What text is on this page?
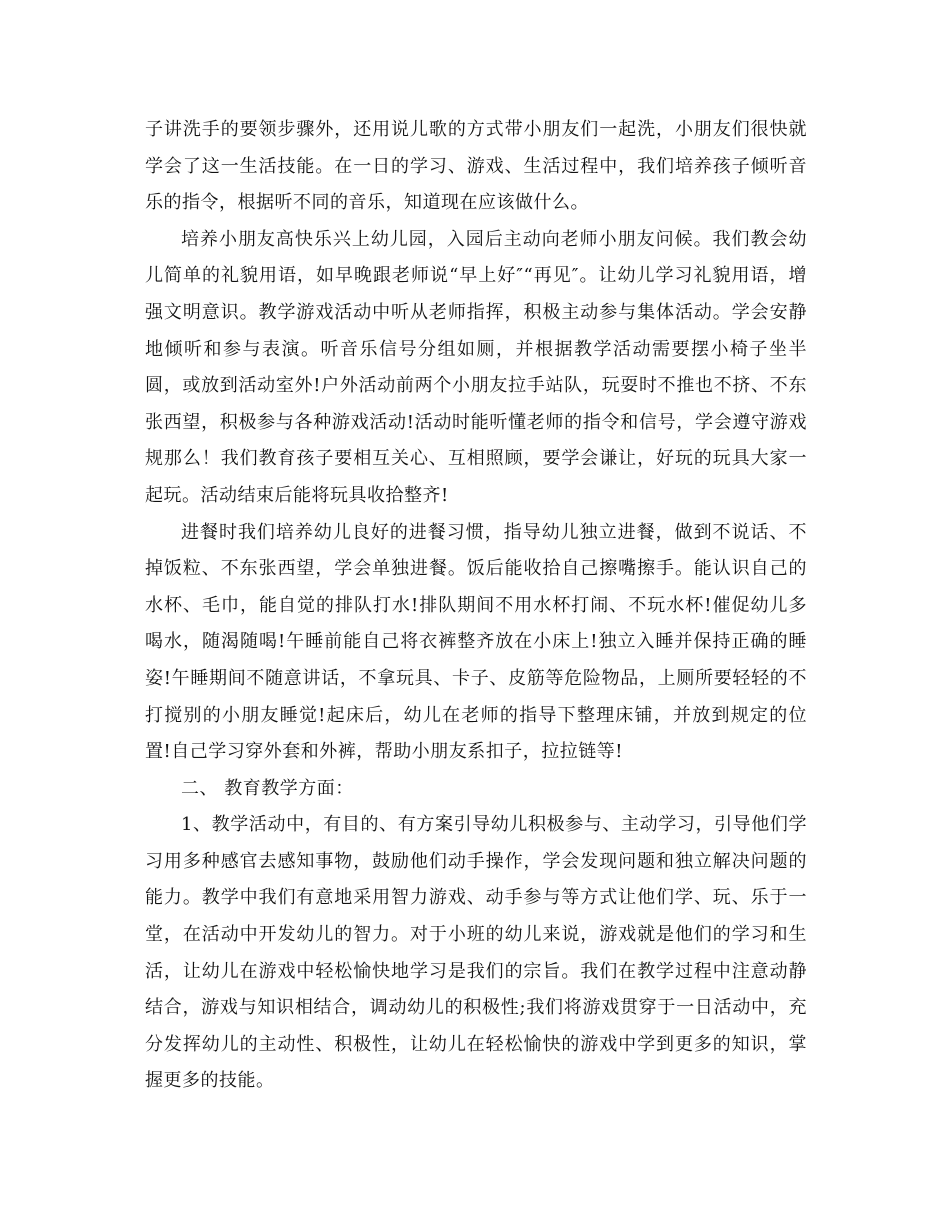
子讲洗手的要领步骤外，还用说儿歌的方式带小朋友们一起洗，小朋友们很快就学会了这一生活技能。在一日的学习、游戏、生活过程中，我们培养孩子倾听音乐的指令，根据听不同的音乐，知道现在应该做什么。

培养小朋友高快乐兴上幼儿园，入园后主动向老师小朋友问候。我们教会幼儿简单的礼貌用语，如早晚跟老师说“早上好″“再见″。让幼儿学习礼貌用语，增强文明意识。教学游戏活动中听从老师指挥，积极主动参与集体活动。学会安静地倾听和参与表演。听音乐信号分组如厕，并根据教学活动需要摆小椅子坐半圆，或放到活动室外!户外活动前两个小朋友拉手站队，玩耍时不推也不挤、不东张西望，积极参与各种游戏活动!活动时能听懂老师的指令和信号，学会遵守游戏规那么！我们教育孩子要相互关心、互相照顾，要学会谦让，好玩的玩具大家一起玩。活动结束后能将玩具收拾整齐!

进餐时我们培养幼儿良好的进餐习惯，指导幼儿独立进餐，做到不说话、不掉饭粒、不东张西望，学会单独进餐。饭后能收拾自己擦嘴擦手。能认识自己的水杯、毛巾，能自觉的排队打水!排队期间不用水杯打闹、不玩水杯!催促幼儿多喝水，随渴随喝!午睡前能自己将衣裤整齐放在小床上!独立入睡并保持正确的睡姿!午睡期间不随意讲话，不拿玩具、卡子、皮筋等危险物品，上厕所要轻轻的不打搅别的小朋友睡觉!起床后，幼儿在老师的指导下整理床铺，并放到规定的位置!自己学习穿外套和外裤，帮助小朋友系扣子，拉拉链等!

二、 教育教学方面：

1、教学活动中，有目的、有方案引导幼儿积极参与、主动学习，引导他们学习用多种感官去感知事物，鼓励他们动手操作，学会发现问题和独立解决问题的能力。教学中我们有意地采用智力游戏、动手参与等方式让他们学、玩、乐于一堂，在活动中开发幼儿的智力。对于小班的幼儿来说，游戏就是他们的学习和生活，让幼儿在游戏中轻松愉快地学习是我们的宗旨。我们在教学过程中注意动静结合，游戏与知识相结合，调动幼儿的积极性;我们将游戏贯穿于一日活动中，充分发挥幼儿的主动性、积极性，让幼儿在轻松愉快的游戏中学到更多的知识，掌握更多的技能。
